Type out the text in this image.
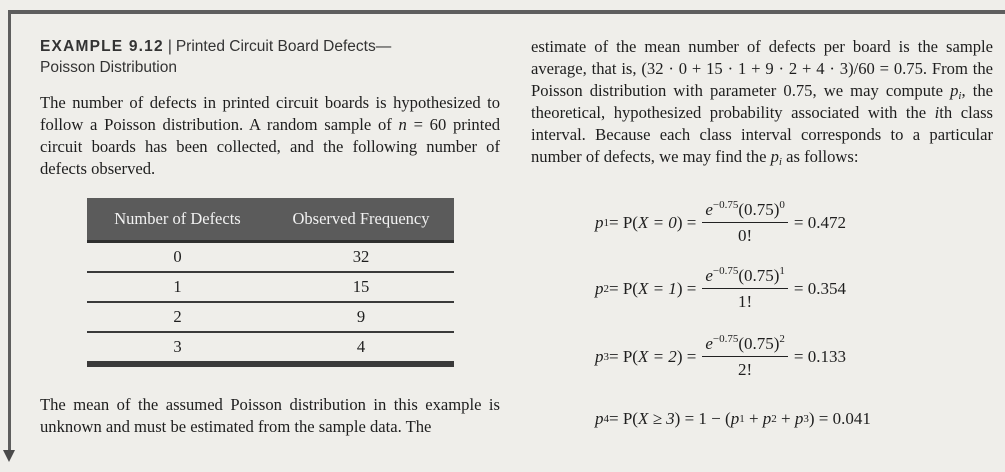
EXAMPLE 9.12 | Printed Circuit Board Defects—
Poisson Distribution

The number of defects in printed circuit boards is hypothesized to follow a Poisson distribution. A random sample of n = 60 printed circuit boards has been collected, and the following number of defects observed.

Number of Defects	Observed Frequency
0	32
1	15
2	9
3	4

The mean of the assumed Poisson distribution in this example is unknown and must be estimated from the sample data. The

estimate of the mean number of defects per board is the sample average, that is, (32 · 0 + 15 · 1 + 9 · 2 + 4 · 3)/60 = 0.75. From the Poisson distribution with parameter 0.75, we may compute $p_i$, the theoretical, hypothesized probability associated with the ith class interval. Because each class interval corresponds to a particular number of defects, we may find the $p_i$ as follows:

p 1 = P( X = 0 ) = $\frac{e^{-0.75}(0.75)^0}{0!} = 0.472$
p 2 = P( X = 1 ) = $\frac{e^{-0.75}(0.75)^1}{1!} = 0.354$
p 3 = P( X = 2 ) = $\frac{e^{-0.75}(0.75)^2}{2!} = 0.133$
p 4 = P( X ≥ 3 ) = 1 − ( p 1 + p 2 + p 3 ) = 0.041
